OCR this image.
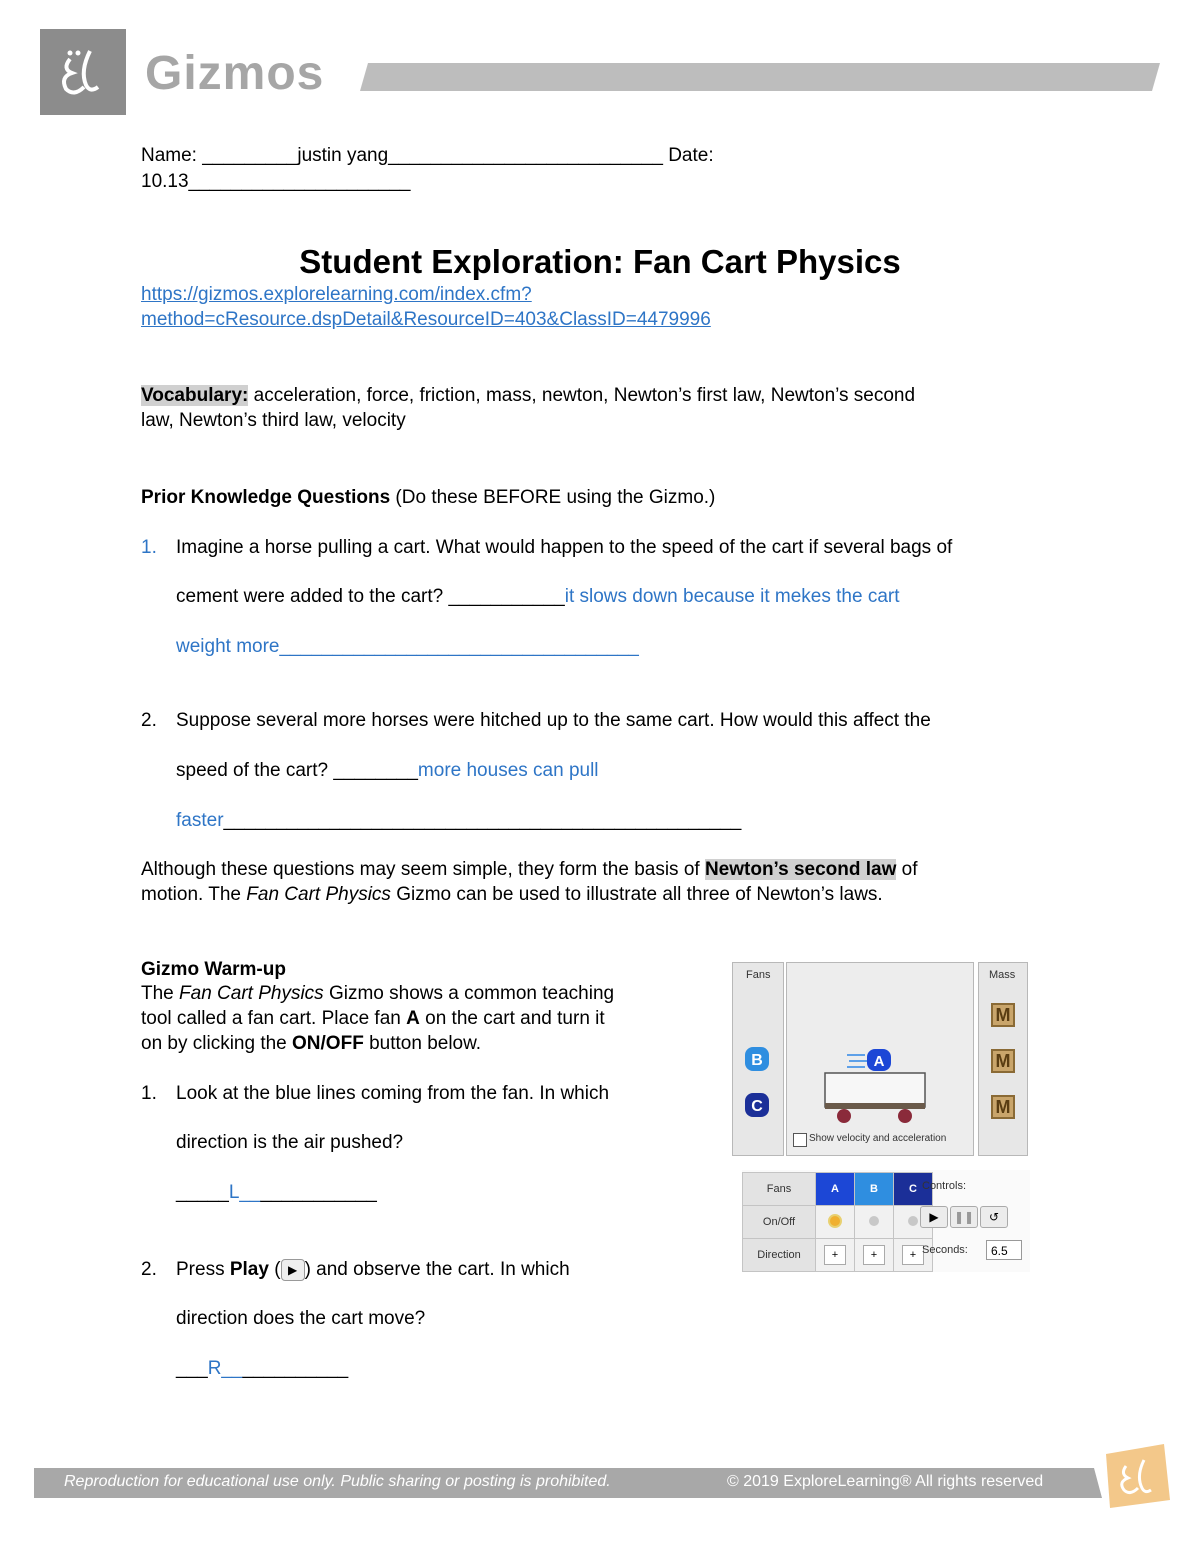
Gizmos
Name: _________justin yang__________________________ Date:
10.13_____________________
Student Exploration: Fan Cart Physics
https://gizmos.explorelearning.com/index.cfm?
method=cResource.dspDetail&ResourceID=403&ClassID=4479996
Vocabulary: acceleration, force, friction, mass, newton, Newton’s first law, Newton’s second
law, Newton’s third law, velocity
Prior Knowledge Questions (Do these BEFORE using the Gizmo.)
1. Imagine a horse pulling a cart. What would happen to the speed of the cart if several bags of
cement were added to the cart? ___________it slows down because it mekes the cart
weight more__________________________________
2. Suppose several more horses were hitched up to the same cart. How would this affect the
speed of the cart? ________more houses can pull
faster_________________________________________________
Although these questions may seem simple, they form the basis of Newton’s second law of
motion. The Fan Cart Physics Gizmo can be used to illustrate all three of Newton’s laws.
Gizmo Warm-up
The Fan Cart Physics Gizmo shows a common teaching
tool called a fan cart. Place fan A on the cart and turn it
on by clicking the ON/OFF button below.
1. Look at the blue lines coming from the fan. In which
direction is the air pushed?
_____L_____________
2. Press Play ( ▶ ) and observe the cart. In which
direction does the cart move?
___R____________
Fans
B
C
A
Show velocity and acceleration
Mass
M
M
M
Fans	A	B	C
On/Off			
Direction	+	+	+
Controls:
▶	❚❚	↺
Seconds:	6.5
Reproduction for educational use only. Public sharing or posting is prohibited.	© 2019 ExploreLearning® All rights reserved
